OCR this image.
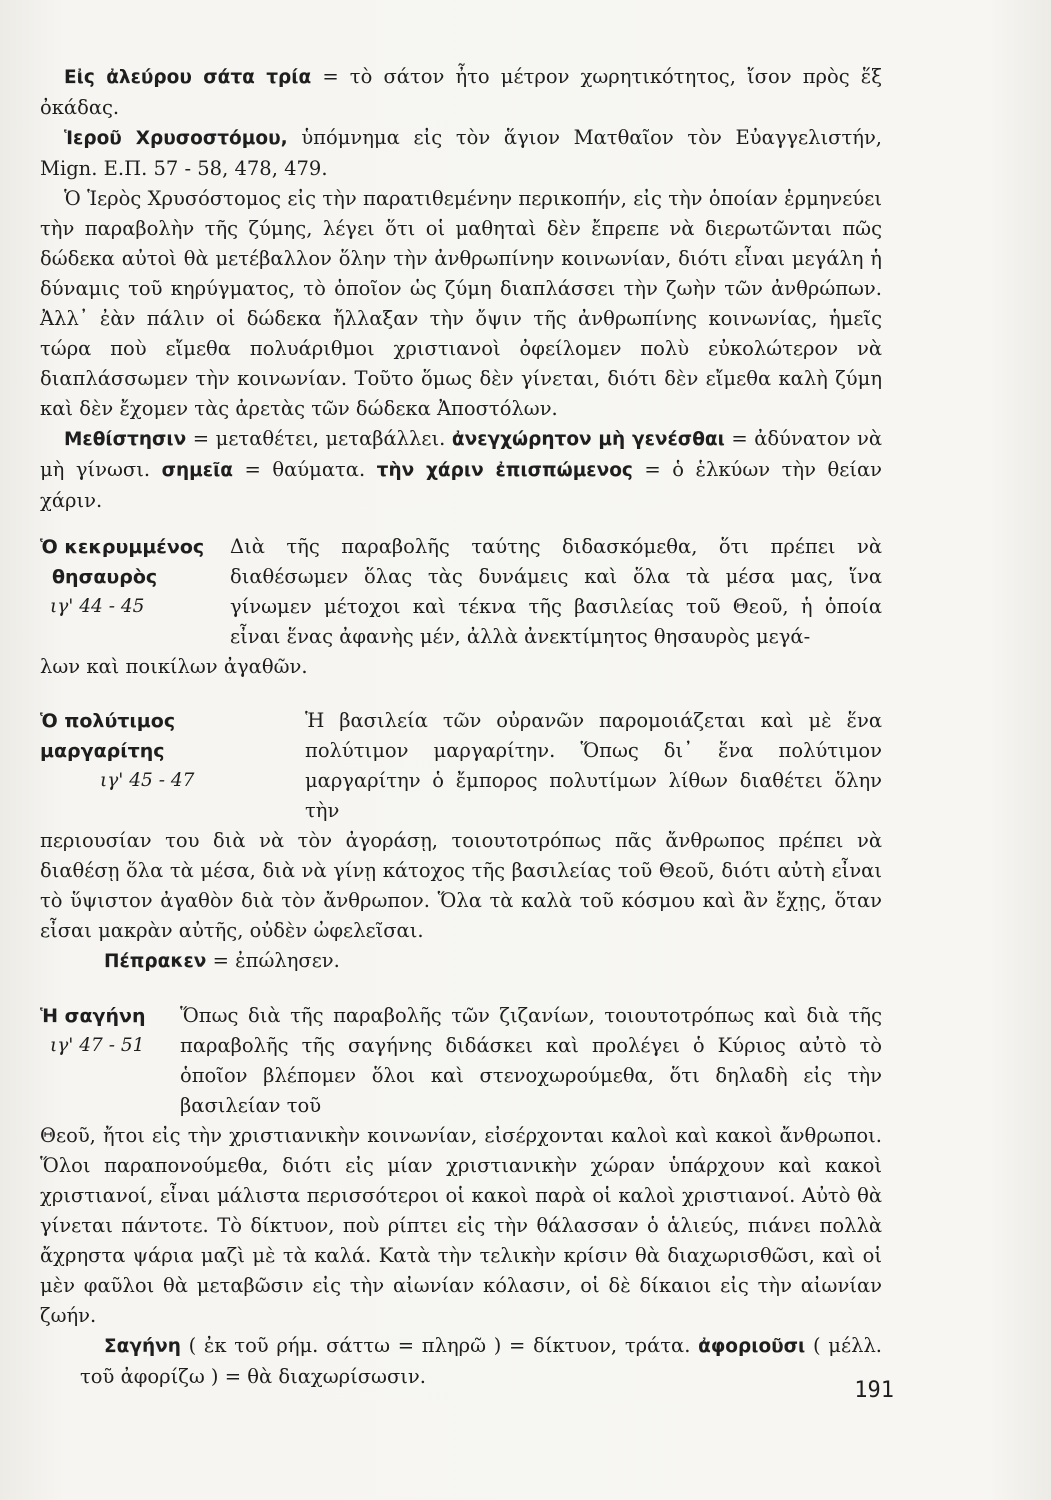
Εἰς ἀλεύρου σάτα τρία = τὸ σάτον ἦτο μέτρον χωρητικότητος, ἴσον πρὸς ἕξ ὀκάδας.

Ἱεροῦ Χρυσοστόμου, ὑπόμνημα εἰς τὸν ἅγιον Ματθαῖον τὸν Εὐαγγελιστήν, Mign. Ε.Π. 57 - 58, 478, 479.

Ὁ Ἱερὸς Χρυσόστομος εἰς τὴν παρατιθεμένην περικοπήν, εἰς τὴν ὁποίαν ἑρμηνεύει τὴν παραβολὴν τῆς ζύμης, λέγει ὅτι οἱ μαθηταὶ δὲν ἔπρεπε νὰ διερωτῶνται πῶς δώδεκα αὐτοὶ θὰ μετέβαλλον ὅλην τὴν ἀνθρωπίνην κοινωνίαν, διότι εἶναι μεγάλη ἡ δύναμις τοῦ κηρύγματος, τὸ ὁποῖον ὡς ζύμη διαπλάσσει τὴν ζωὴν τῶν ἀνθρώπων. Ἀλλ᾽ ἐὰν πάλιν οἱ δώδεκα ἤλλαξαν τὴν ὄψιν τῆς ἀνθρωπίνης κοινωνίας, ἡμεῖς τώρα ποὺ εἴμεθα πολυάριθμοι χριστιανοὶ ὀφείλομεν πολὺ εὐκολώτερον νὰ διαπλάσσωμεν τὴν κοινωνίαν. Τοῦτο ὅμως δὲν γίνεται, διότι δὲν εἴμεθα καλὴ ζύμη καὶ δὲν ἔχομεν τὰς ἀρετὰς τῶν δώδεκα Ἀποστόλων.

Μεθίστησιν = μεταθέτει, μεταβάλλει. ἀνεγχώρητον μὴ γενέσθαι = ἀδύνατον νὰ μὴ γίνωσι. σημεῖα = θαύματα. τὴν χάριν ἐπισπώμενος = ὁ ἑλκύων τὴν θείαν χάριν.

Ὁ κεκρυμμένος
θησαυρὸς
ιγ' 44 - 45
Διὰ τῆς παραβολῆς ταύτης διδασκόμεθα, ὅτι πρέπει νὰ διαθέσωμεν ὅλας τὰς δυνάμεις καὶ ὅλα τὰ μέσα μας, ἵνα γίνωμεν μέτοχοι καὶ τέκνα τῆς βασιλείας τοῦ Θεοῦ, ἡ ὁποία εἶναι ἕνας ἀφανὴς μέν, ἀλλὰ ἀνεκτίμητος θησαυρὸς μεγά-

λων καὶ ποικίλων ἀγαθῶν.

Ὁ πολύτιμος μαργαρίτης
ιγ' 45 - 47
Ἡ βασιλεία τῶν οὐρανῶν παρομοιάζεται καὶ μὲ ἕνα πολύτιμον μαργαρίτην. Ὅπως δι᾽ ἕνα πολύτιμον μαργαρίτην ὁ ἔμπορος πολυτίμων λίθων διαθέτει ὅλην τὴν

περιουσίαν του διὰ νὰ τὸν ἀγοράσῃ, τοιουτοτρόπως πᾶς ἄνθρωπος πρέπει νὰ διαθέσῃ ὅλα τὰ μέσα, διὰ νὰ γίνῃ κάτοχος τῆς βασιλείας τοῦ Θεοῦ, διότι αὐτὴ εἶναι τὸ ὕψιστον ἀγαθὸν διὰ τὸν ἄνθρωπον. Ὅλα τὰ καλὰ τοῦ κόσμου καὶ ἂν ἔχῃς, ὅταν εἶσαι μακρὰν αὐτῆς, οὐδὲν ὠφελεῖσαι.

Πέπρακεν = ἐπώλησεν.

Ἡ σαγήνη
ιγ' 47 - 51
Ὅπως διὰ τῆς παραβολῆς τῶν ζιζανίων, τοιουτοτρόπως καὶ διὰ τῆς παραβολῆς τῆς σαγήνης διδάσκει καὶ προλέγει ὁ Κύριος αὐτὸ τὸ ὁποῖον βλέπομεν ὅλοι καὶ στενοχωρούμεθα, ὅτι δηλαδὴ εἰς τὴν βασιλείαν τοῦ

Θεοῦ, ἤτοι εἰς τὴν χριστιανικὴν κοινωνίαν, εἰσέρχονται καλοὶ καὶ κακοὶ ἄνθρωποι. Ὅλοι παραπονούμεθα, διότι εἰς μίαν χριστιανικὴν χώραν ὑπάρχουν καὶ κακοὶ χριστιανοί, εἶναι μάλιστα περισσότεροι οἱ κακοὶ παρὰ οἱ καλοὶ χριστιανοί. Αὐτὸ θὰ γίνεται πάντοτε. Τὸ δίκτυον, ποὺ ρίπτει εἰς τὴν θάλασσαν ὁ ἁλιεύς, πιάνει πολλὰ ἄχρηστα ψάρια μαζὶ μὲ τὰ καλά. Κατὰ τὴν τελικὴν κρίσιν θὰ διαχωρισθῶσι, καὶ οἱ μὲν φαῦλοι θὰ μεταβῶσιν εἰς τὴν αἰωνίαν κόλασιν, οἱ δὲ δίκαιοι εἰς τὴν αἰωνίαν ζωήν.

Σαγήνη ( ἐκ τοῦ ρήμ. σάττω = πληρῶ ) = δίκτυον, τράτα. ἀφοριοῦσι ( μέλλ. τοῦ ἀφορίζω ) = θὰ διαχωρίσωσιν.

191
